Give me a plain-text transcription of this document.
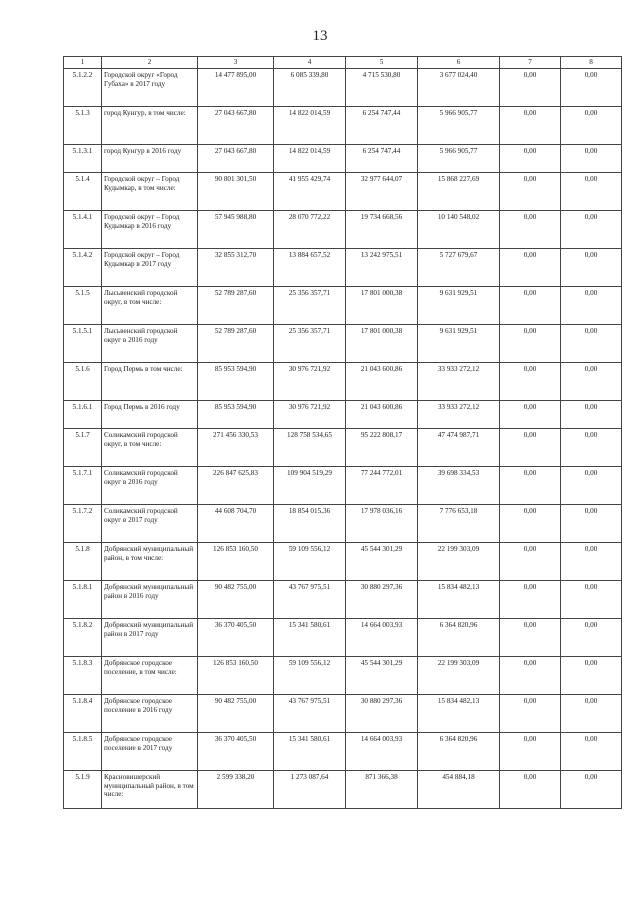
13
1	2	3	4	5	6	7	8
5.1.2.2	Городской округ «Город Губаха» в 2017 году	14 477 895,00	6 085 339,80	4 715 530,80	3 677 024,40	0,00	0,00
5.1.3	город Кунгур, в том числе:	27 043 667,80	14 822 014,59	6 254 747,44	5 966 905,77	0,00	0,00
5.1.3.1	город Кунгур в 2016 году	27 043 667,80	14 822 014,59	6 254 747,44	5 966 905,77	0,00	0,00
5.1.4	Городской округ – Город Кудымкар, в том числе:	90 801 301,50	41 955 429,74	32 977 644,07	15 868 227,69	0,00	0,00
5.1.4.1	Городской округ – Город Кудымкар в 2016 году	57 945 988,80	28 070 772,22	19 734 668,56	10 140 548,02	0,00	0,00
5.1.4.2	Городской округ – Город Кудымкар в 2017 году	32 855 312,70	13 884 657,52	13 242 975,51	5 727 679,67	0,00	0,00
5.1.5	Лысьвенский городской округ, в том числе:	52 789 287,60	25 356 357,71	17 801 000,38	9 631 929,51	0,00	0,00
5.1.5.1	Лысьвенский городской округ в 2016 году	52 789 287,60	25 356 357,71	17 801 000,38	9 631 929,51	0,00	0,00
5.1.6	Город Пермь в том числе:	85 953 594,90	30 976 721,92	21 043 600,86	33 933 272,12	0,00	0,00
5.1.6.1	Город Пермь в 2016 году	85 953 594,90	30 976 721,92	21 043 600,86	33 933 272,12	0,00	0,00
5.1.7	Соликамский городской округ, в том числе:	271 456 330,53	128 758 534,65	95 222 808,17	47 474 987,71	0,00	0,00
5.1.7.1	Соликамский городской округ в 2016 году	226 847 625,83	109 904 519,29	77 244 772,01	39 698 334,53	0,00	0,00
5.1.7.2	Соликамский городской округ в 2017 году	44 608 704,70	18 854 015,36	17 978 036,16	7 776 653,18	0,00	0,00
5.1.8	Добрянский муниципальный район, в том числе:	126 853 160,50	59 109 556,12	45 544 301,29	22 199 303,09	0,00	0,00
5.1.8.1	Добрянский муниципальный район в 2016 году	90 482 755,00	43 767 975,51	30 880 297,36	15 834 482,13	0,00	0,00
5.1.8.2	Добрянский муниципальный район в 2017 году	36 370 405,50	15 341 580,61	14 664 003,93	6 364 820,96	0,00	0,00
5.1.8.3	Добрянское городское поселение, в том числе:	126 853 160,50	59 109 556,12	45 544 301,29	22 199 303,09	0,00	0,00
5.1.8.4	Добрянское городское поселение в 2016 году	90 482 755,00	43 767 975,51	30 880 297,36	15 834 482,13	0,00	0,00
5.1.8.5	Добрянское городское поселение в 2017 году	36 370 405,50	15 341 580,61	14 664 003,93	6 364 820,96	0,00	0,00
5.1.9	Красновишерский муниципальный район, в том числе:	2 599 338,20	1 273 087,64	871 366,38	454 884,18	0,00	0,00
